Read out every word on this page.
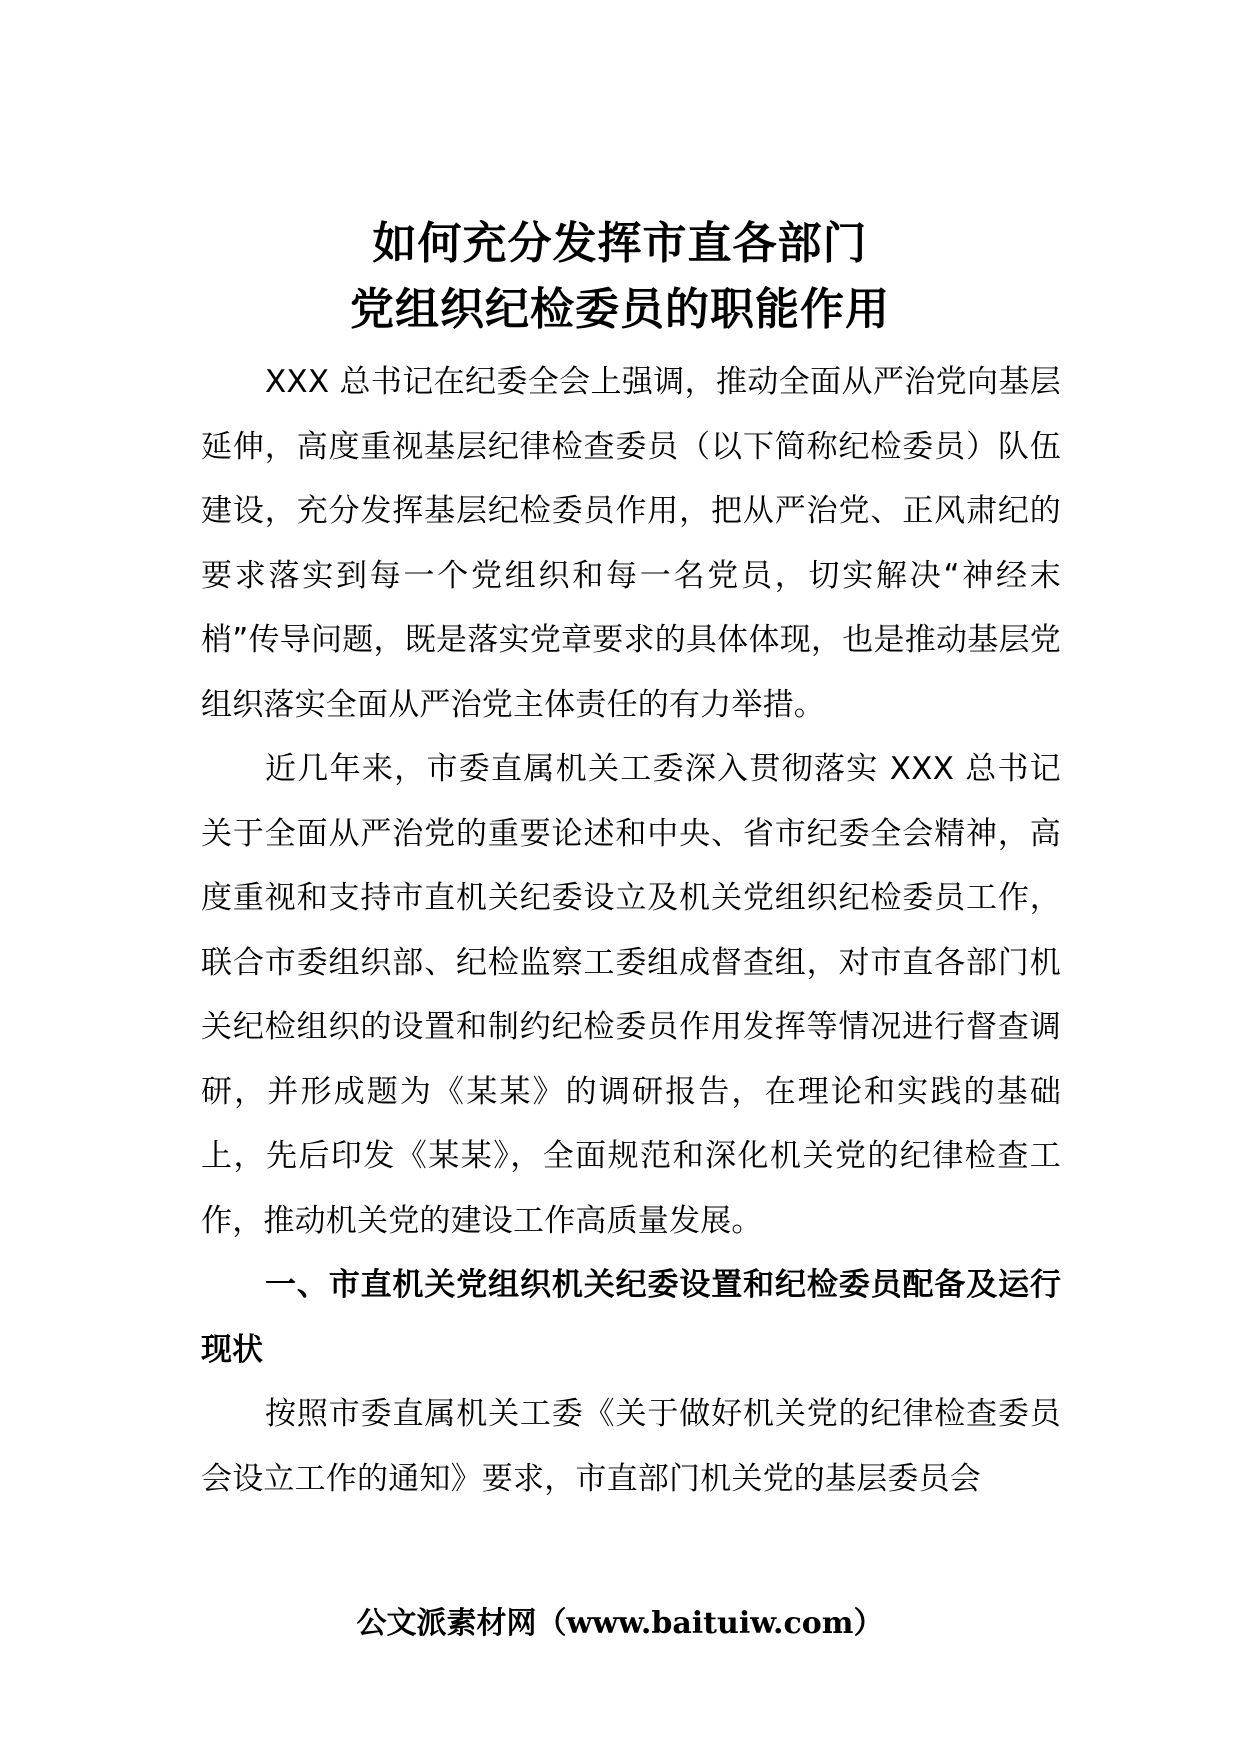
如何充分发挥市直各部门
党组织纪检委员的职能作用

XXX 总书记在纪委全会上强调，推动全面从严治党向基层延伸，高度重视基层纪律检查委员（以下简称纪检委员）队伍建设，充分发挥基层纪检委员作用，把从严治党、正风肃纪的要求落实到每一个党组织和每一名党员，切实解决“神经末梢”传导问题，既是落实党章要求的具体体现，也是推动基层党组织落实全面从严治党主体责任的有力举措。

近几年来，市委直属机关工委深入贯彻落实 XXX 总书记关于全面从严治党的重要论述和中央、省市纪委全会精神，高度重视和支持市直机关纪委设立及机关党组织纪检委员工作，联合市委组织部、纪检监察工委组成督查组，对市直各部门机关纪检组织的设置和制约纪检委员作用发挥等情况进行督查调研，并形成题为《某某》的调研报告，在理论和实践的基础上，先后印发《某某》，全面规范和深化机关党的纪律检查工作，推动机关党的建设工作高质量发展。

一、市直机关党组织机关纪委设置和纪检委员配备及运行现状

按照市委直属机关工委《关于做好机关党的纪律检查委员会设立工作的通知》要求，市直部门机关党的基层委员会

公文派素材网（www.baituiw.com）
